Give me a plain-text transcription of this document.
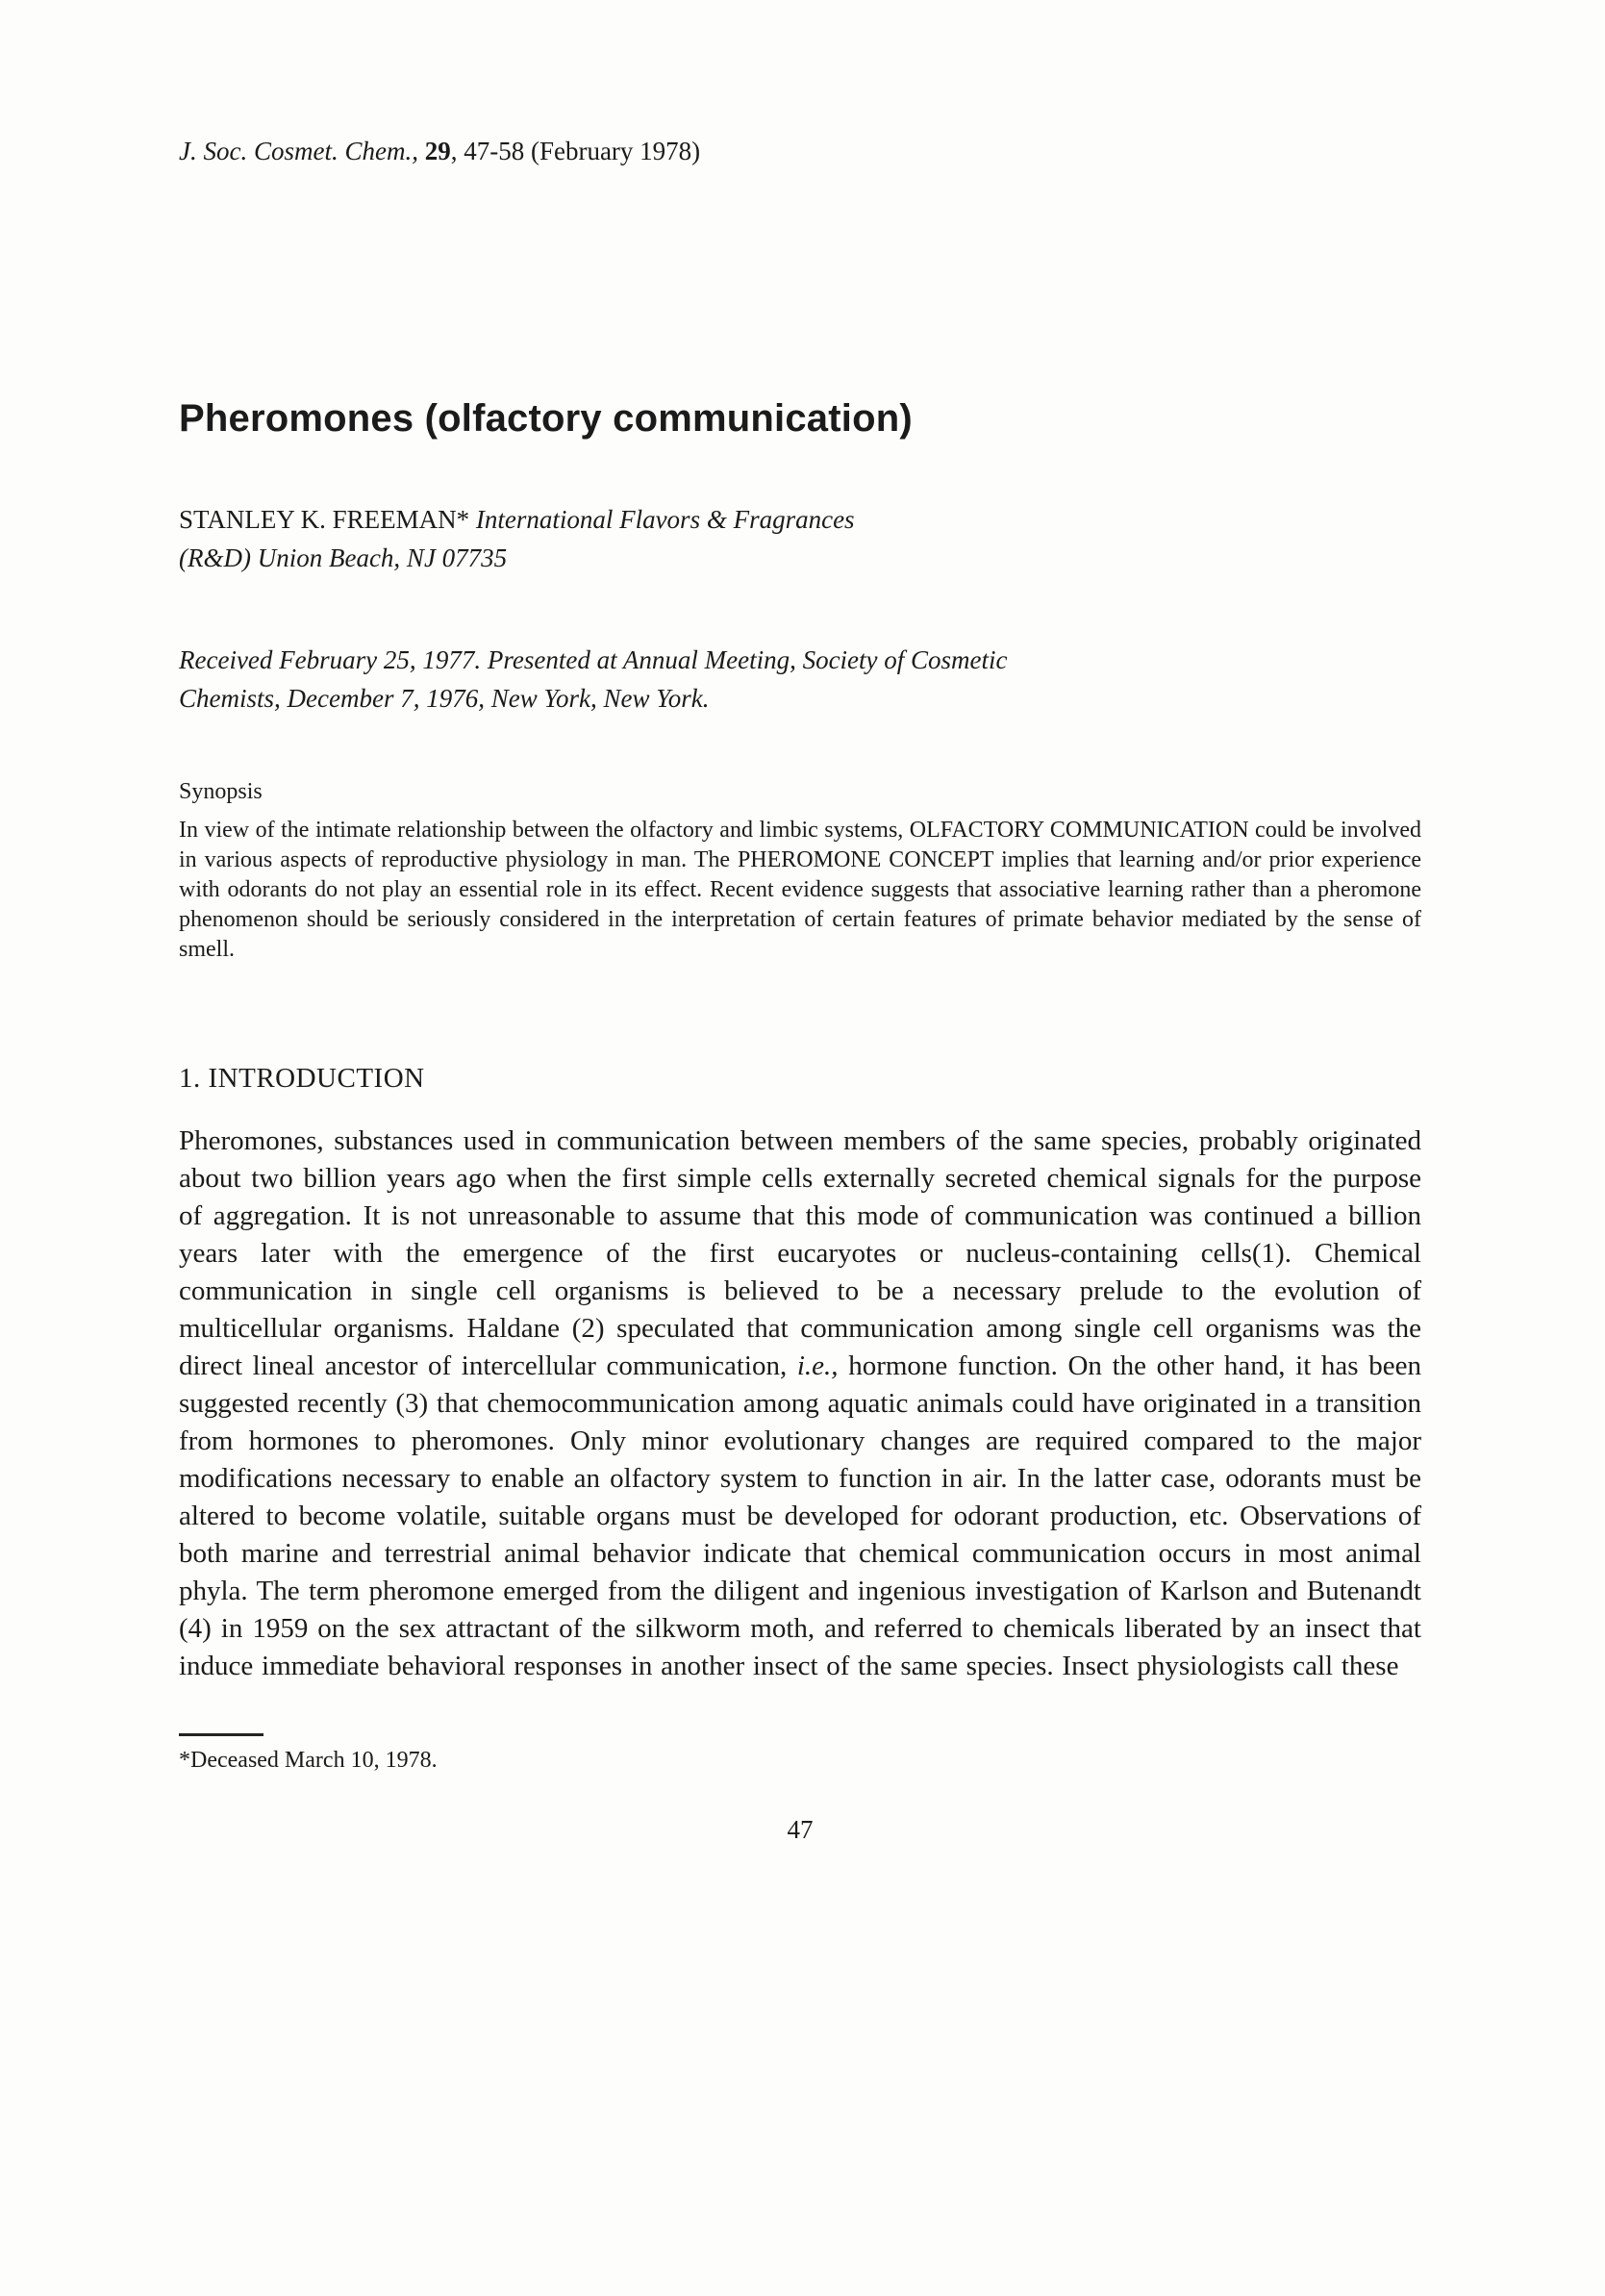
J. Soc. Cosmet. Chem., 29, 47-58 (February 1978)

Pheromones (olfactory communication)

STANLEY K. FREEMAN* International Flavors & Fragrances

(R&D) Union Beach, NJ 07735

Received February 25, 1977. Presented at Annual Meeting, Society of Cosmetic Chemists, December 7, 1976, New York, New York.

Synopsis

In view of the intimate relationship between the olfactory and limbic systems, OLFACTORY COMMUNICATION could be involved in various aspects of reproductive physiology in man. The PHEROMONE CONCEPT implies that learning and/or prior experience with odorants do not play an essential role in its effect. Recent evidence suggests that associative learning rather than a pheromone phenomenon should be seriously considered in the interpretation of certain features of primate behavior mediated by the sense of smell.

1. INTRODUCTION

Pheromones, substances used in communication between members of the same species, probably originated about two billion years ago when the first simple cells externally secreted chemical signals for the purpose of aggregation. It is not unreasonable to assume that this mode of communication was continued a billion years later with the emergence of the first eucaryotes or nucleus-containing cells(1). Chemical communication in single cell organisms is believed to be a necessary prelude to the evolution of multicellular organisms. Haldane (2) speculated that communication among single cell organisms was the direct lineal ancestor of intercellular communication, i.e., hormone function. On the other hand, it has been suggested recently (3) that chemocommunication among aquatic animals could have originated in a transition from hormones to pheromones. Only minor evolutionary changes are required compared to the major modifications necessary to enable an olfactory system to function in air. In the latter case, odorants must be altered to become volatile, suitable organs must be developed for odorant production, etc. Observations of both marine and terrestrial animal behavior indicate that chemical communication occurs in most animal phyla. The term pheromone emerged from the diligent and ingenious investigation of Karlson and Butenandt (4) in 1959 on the sex attractant of the silkworm moth, and referred to chemicals liberated by an insect that induce immediate behavioral responses in another insect of the same species. Insect physiologists call these

*Deceased March 10, 1978.

47
